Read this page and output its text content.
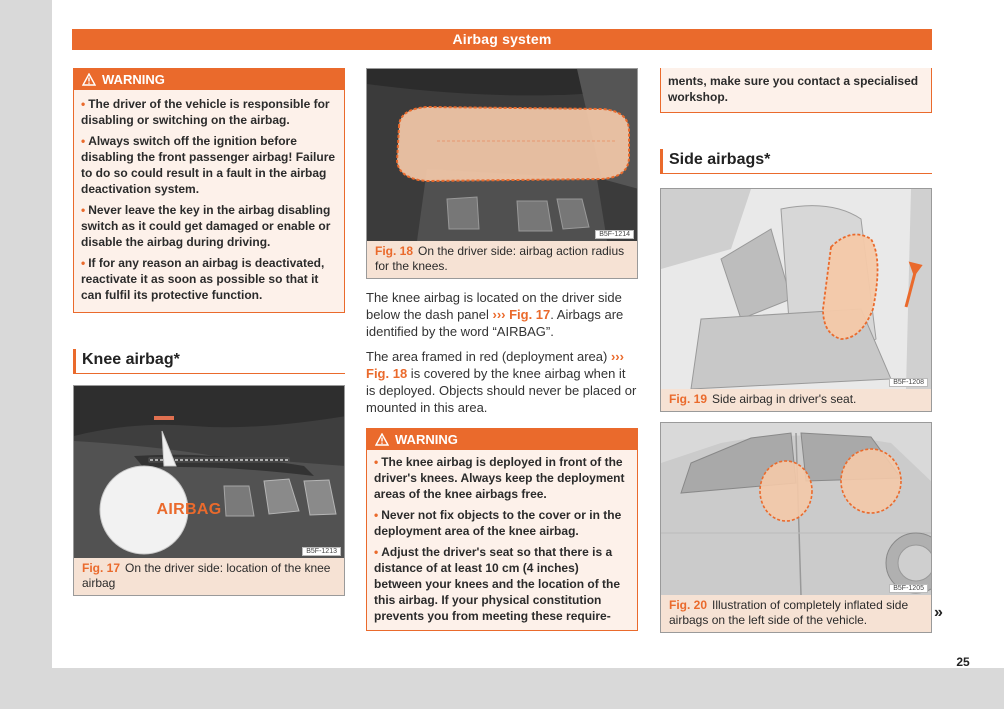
Airbag system
WARNING

• The driver of the vehicle is responsible for disabling or switching on the airbag.

• Always switch off the ignition before disabling the front passenger airbag! Failure to do so could result in a fault in the airbag deactivation system.

• Never leave the key in the airbag disabling switch as it could get damaged or enable or disable the airbag during driving.

• If for any reason an airbag is deactivated, reactivate it as soon as possible so that it can fulfil its protective function.

Knee airbag*
AIRBAG
B5F-1213
Fig. 17 On the driver side: location of the knee airbag
B5F-1214
Fig. 18 On the driver side: airbag action radius for the knees.

The knee airbag is located on the driver side below the dash panel ››› Fig. 17. Airbags are identified by the word “AIRBAG”.

The area framed in red (deployment area) ››› Fig. 18 is covered by the knee airbag when it is deployed. Objects should never be placed or mounted in this area.

WARNING

• The knee airbag is deployed in front of the driver's knees. Always keep the deployment areas of the knee airbags free.

• Never not fix objects to the cover or in the deployment area of the knee airbag.

• Adjust the driver's seat so that there is a distance of at least 10 cm (4 inches) between your knees and the location of the this airbag. If your physical constitution prevents you from meeting these require-

ments, make sure you contact a specialised workshop.

Side airbags*
B5F-1208
Fig. 19 Side airbag in driver's seat.
B5F-1205
Fig. 20 Illustration of completely inflated side airbags on the left side of the vehicle.	»
25
